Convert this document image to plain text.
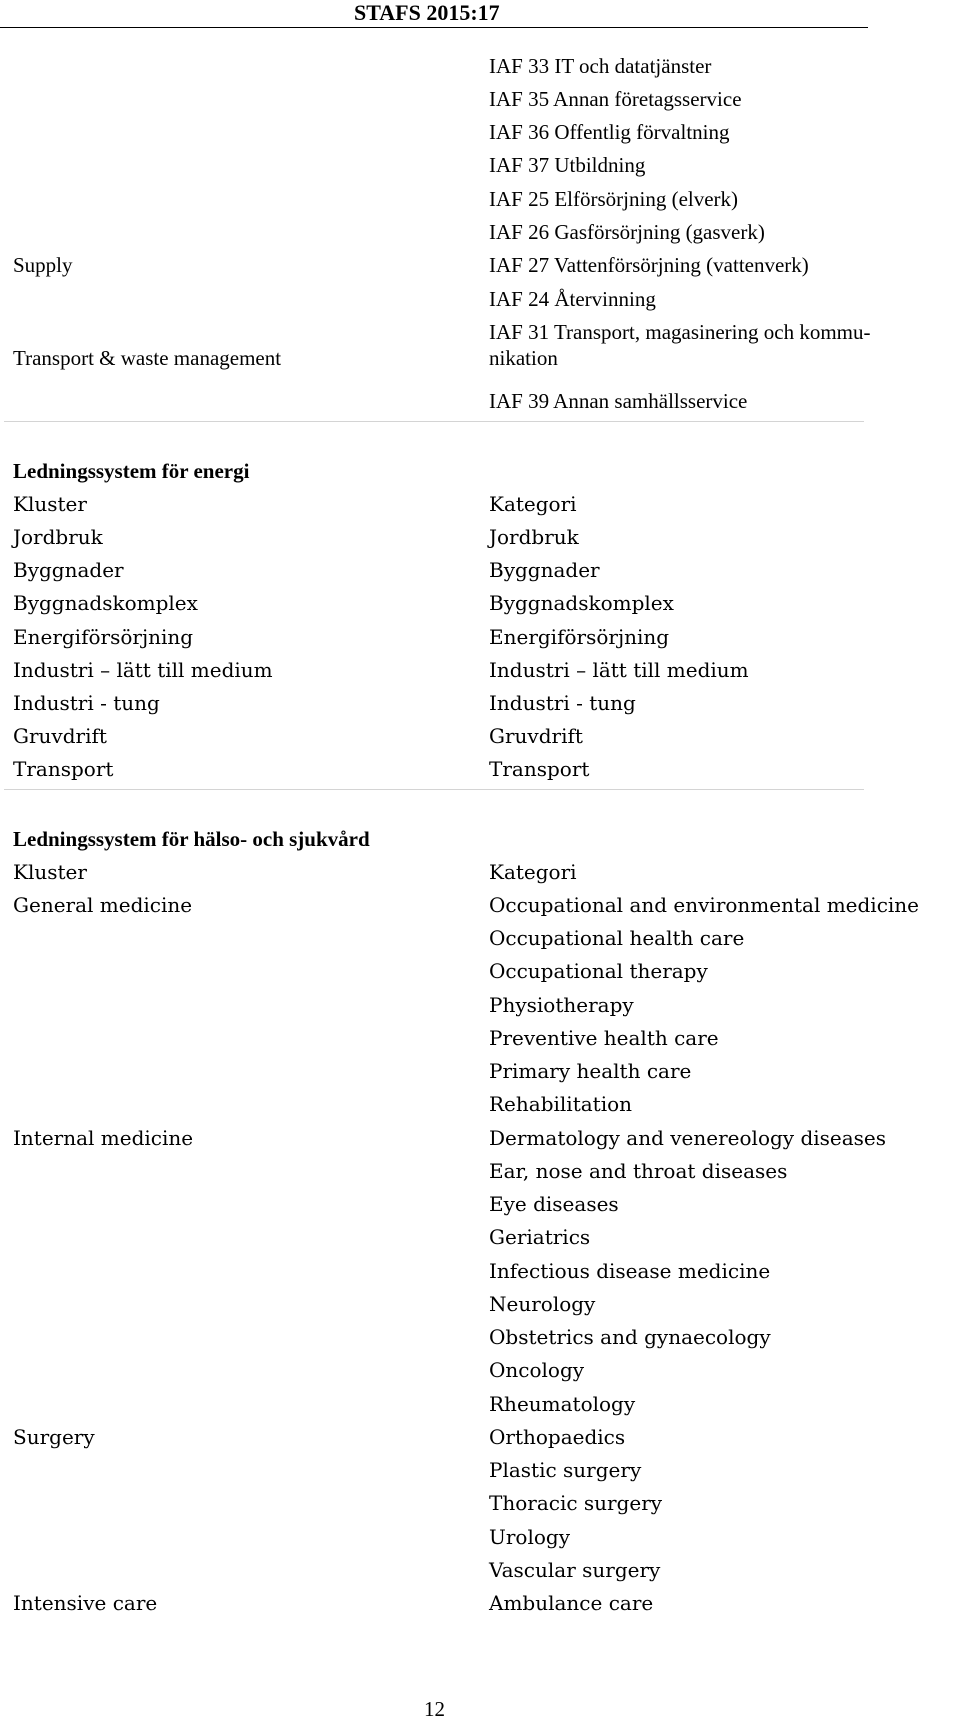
STAFS 2015:17
IAF 33 IT och datatjänster
IAF 35 Annan företagsservice
IAF 36 Offentlig förvaltning
IAF 37 Utbildning
IAF 25 Elförsörjning (elverk)
IAF 26 Gasförsörjning (gasverk)
IAF 27 Vattenförsörjning (vattenverk)
IAF 24 Återvinning
IAF 31 Transport, magasinering och kommu-
nikation
IAF 39 Annan samhällsservice
Supply
Transport & waste management
Ledningssystem för energi
Kluster	Kategori
Jordbruk
Byggnader
Byggnadskomplex
Energiförsörjning
Industri – lätt till medium
Industri - tung
Gruvdrift
Transport
Jordbruk
Byggnader
Byggnadskomplex
Energiförsörjning
Industri – lätt till medium
Industri - tung
Gruvdrift
Transport
Ledningssystem för hälso- och sjukvård
Kluster	Kategori
Occupational and environmental medicine
Occupational health care
Occupational therapy
Physiotherapy
Preventive health care
Primary health care
Rehabilitation
Dermatology and venereology diseases
Ear, nose and throat diseases
Eye diseases
Geriatrics
Infectious disease medicine
Neurology
Obstetrics and gynaecology
Oncology
Rheumatology
Orthopaedics
Plastic surgery
Thoracic surgery
Urology
Vascular surgery
Ambulance care
General medicine
Internal medicine
Surgery
Intensive care
12
